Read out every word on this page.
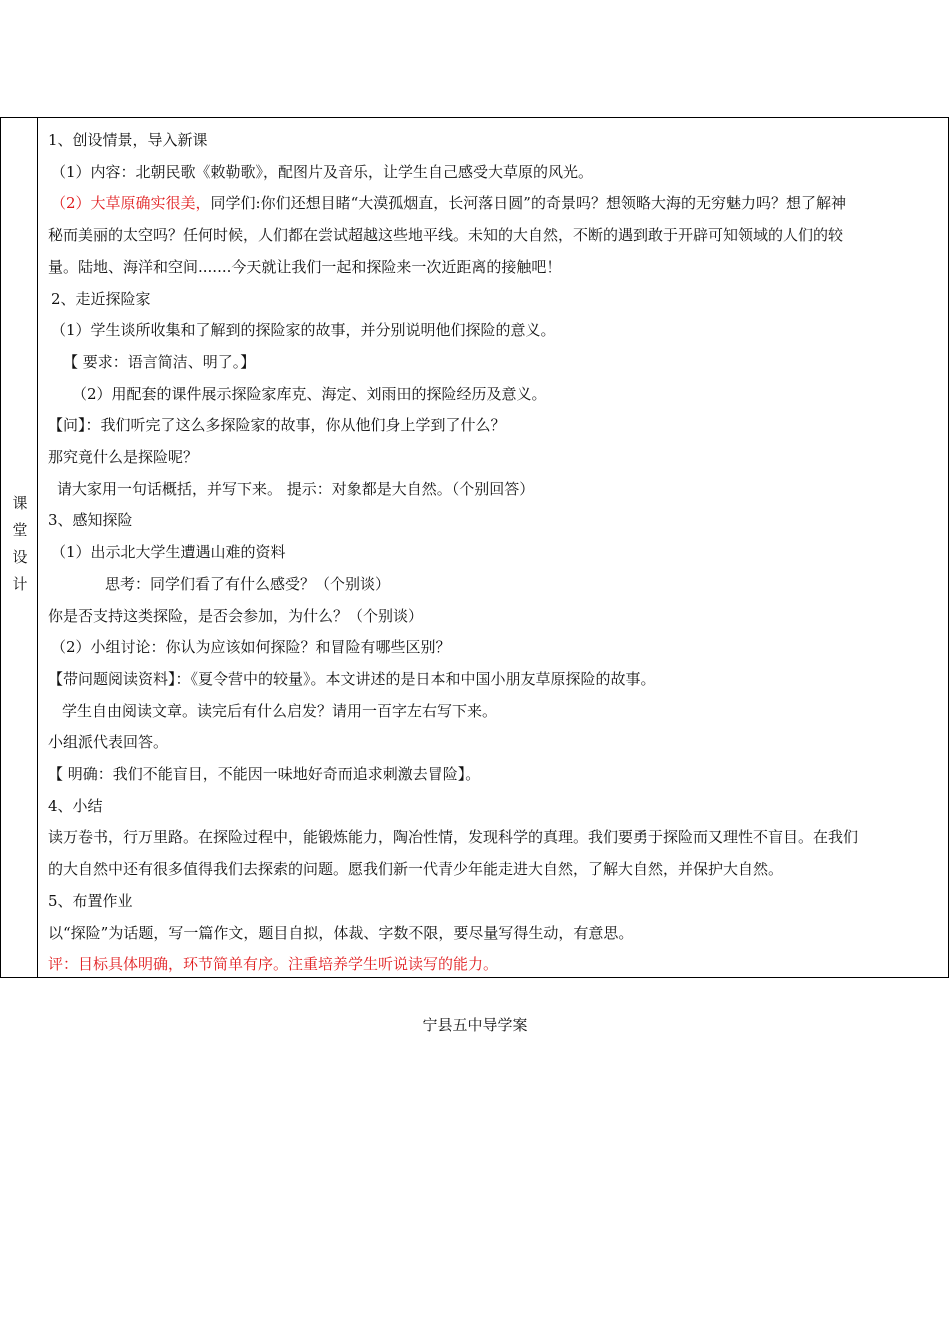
课
堂
设
计
1、创设情景，导入新课
（1）内容：北朝民歌《敕勒歌》，配图片及音乐，让学生自己感受大草原的风光。
（2）大草原确实很美，同学们:你们还想目睹“大漠孤烟直，长河落日圆”的奇景吗？想领略大海的无穷魅力吗？想了解神
秘而美丽的太空吗？任何时候，人们都在尝试超越这些地平线。未知的大自然，不断的遇到敢于开辟可知领域的人们的较
量。陆地、海洋和空间.......今天就让我们一起和探险来一次近距离的接触吧！
2、走近探险家
（1）学生谈所收集和了解到的探险家的故事，并分别说明他们探险的意义。
【 要求：语言简洁、明了。】
（2）用配套的课件展示探险家库克、海定、刘雨田的探险经历及意义。
【问】：我们听完了这么多探险家的故事，你从他们身上学到了什么？
那究竟什么是探险呢？
请大家用一句话概括，并写下来。 提示：对象都是大自然。（个别回答）
3、感知探险
（1）出示北大学生遭遇山难的资料
思考：同学们看了有什么感受？（个别谈）
你是否支持这类探险，是否会参加，为什么？（个别谈）
（2）小组讨论：你认为应该如何探险？和冒险有哪些区别？
【带问题阅读资料】：《夏令营中的较量》。本文讲述的是日本和中国小朋友草原探险的故事。
学生自由阅读文章。读完后有什么启发？请用一百字左右写下来。
小组派代表回答。
【 明确：我们不能盲目，不能因一味地好奇而追求刺激去冒险】。
4、小结
读万卷书，行万里路。在探险过程中，能锻炼能力，陶冶性情，发现科学的真理。我们要勇于探险而又理性不盲目。在我们
的大自然中还有很多值得我们去探索的问题。愿我们新一代青少年能走进大自然，了解大自然，并保护大自然。
5、布置作业
以“探险”为话题，写一篇作文，题目自拟，体裁、字数不限，要尽量写得生动，有意思。
评：目标具体明确，环节简单有序。注重培养学生听说读写的能力。
宁县五中导学案
